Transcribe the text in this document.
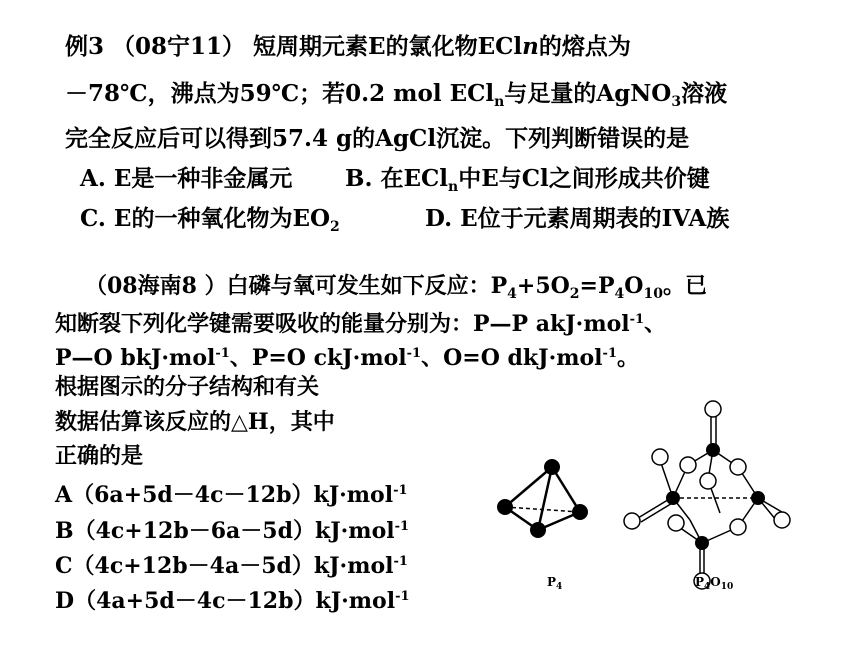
例3 （08宁11） 短周期元素E的氯化物ECln的熔点为
－78℃，沸点为59℃；若0.2 mol ECl$_n$与足量的AgNO$_3$溶液
完全反应后可以得到57.4 g的AgCl沉淀。下列判断错误的是
A. E是一种非金属元 B. 在ECl$_n$中E与Cl之间形成共价键
C. E的一种氧化物为$EO_2$	D. E位于元素周期表的IVA族
（08海南8 ）白磷与氧可发生如下反应：$P_4+5O_2=P_4O_{10}$。已
知断裂下列化学键需要吸收的能量分别为：P—P akJ·mol$^{-1}$、
P—O bkJ·mol$^{-1}$、P=O ckJ·mol$^{-1}$、O=O dkJ·mol$^{-1}$。
根据图示的分子结构和有关
数据估算该反应的△H，其中
正确的是
A（6a+5d－4c－12b）kJ·mol$^{-1}$
B（4c+12b－6a－5d）kJ·mol$^{-1}$
C（4c+12b－4a－5d）kJ·mol$^{-1}$
D（4a+5d－4c－12b）kJ·mol$^{-1}$
$P_4$	$P_4O_{10}$
